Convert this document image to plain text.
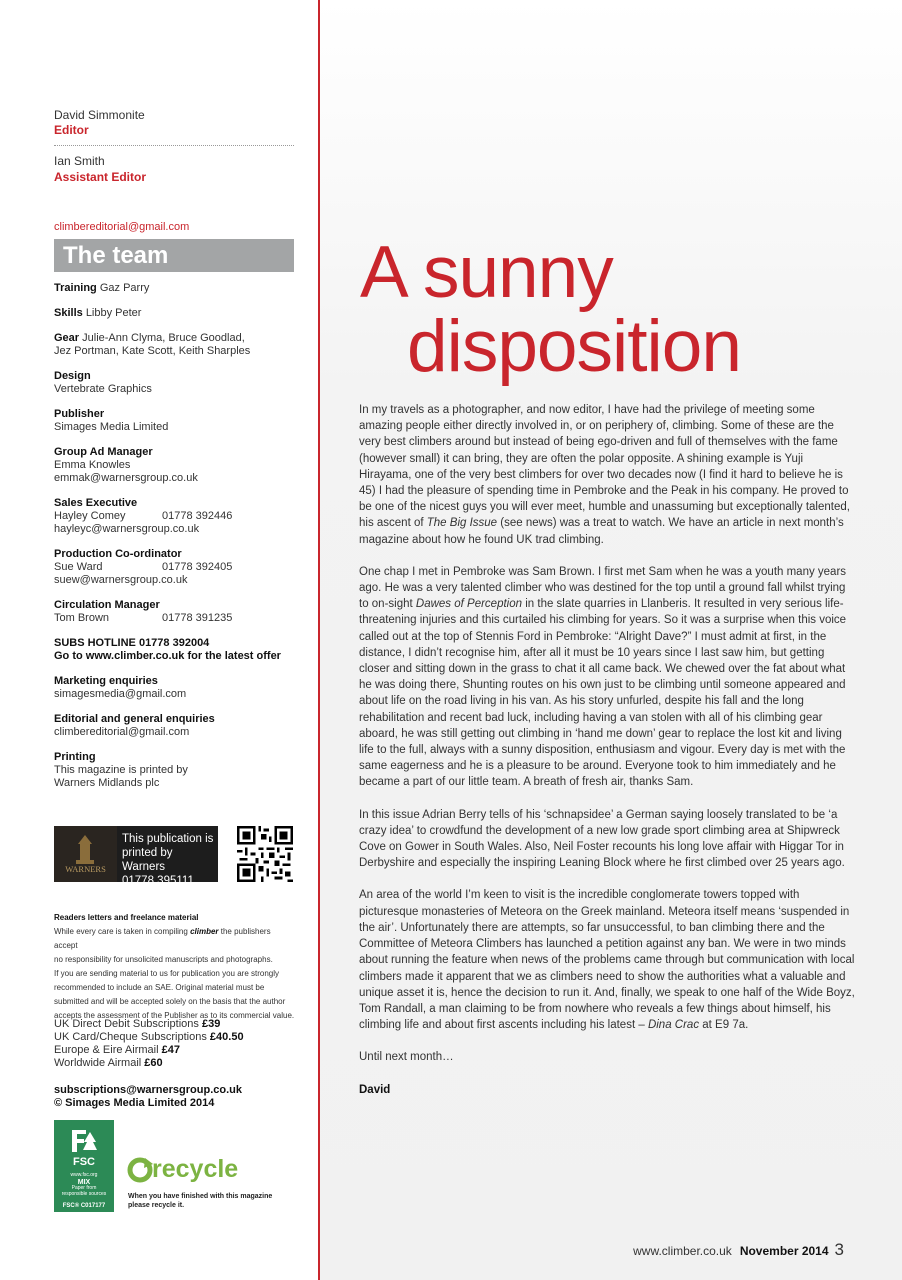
David Simmonite
Editor
Ian Smith
Assistant Editor
climbereditorial@gmail.com
The team
Training Gaz Parry
Skills Libby Peter
Gear Julie-Ann Clyma, Bruce Goodlad,
Jez Portman, Kate Scott, Keith Sharples
Design
Vertebrate Graphics
Publisher
Simages Media Limited
Group Ad Manager
Emma Knowles
emmak@warnersgroup.co.uk
Sales Executive
Hayley Comey	01778 392446
hayleyc@warnersgroup.co.uk
Production Co-ordinator
Sue Ward	01778 392405
suew@warnersgroup.co.uk
Circulation Manager
Tom Brown	01778 391235
SUBS HOTLINE 01778 392004
Go to www.climber.co.uk for the latest offer
Marketing enquiries
simagesmedia@gmail.com
Editorial and general enquiries
climbereditorial@gmail.com
Printing
This magazine is printed by
Warners Midlands plc
WARNERS
This publication is
printed by Warners
01778 395111
Readers letters and freelance material
While every care is taken in compiling climber the publishers accept
no responsibility for unsolicited manuscripts and photographs.
If you are sending material to us for publication you are strongly
recommended to include an SAE. Original material must be
submitted and will be accepted solely on the basis that the author
accepts the assessment of the Publisher as to its commercial value.
UK Direct Debit Subscriptions £39
UK Card/Cheque Subscriptions £40.50
Europe & Eire Airmail £47
Worldwide Airmail £60
subscriptions@warnersgroup.co.uk
© Simages Media Limited 2014
FSC
www.fsc.org
MIX
Paper from
responsible sources
FSC® C017177
recycle
When you have finished with this magazine
please recycle it.
A sunny
disposition

In my travels as a photographer, and now editor, I have had the privilege of meeting some amazing people either directly involved in, or on periphery of, climbing. Some of these are the very best climbers around but instead of being ego-driven and full of themselves with the fame (however small) it can bring, they are often the polar opposite. A shining example is Yuji Hirayama, one of the very best climbers for over two decades now (I find it hard to believe he is 45) I had the pleasure of spending time in Pembroke and the Peak in his company. He proved to be one of the nicest guys you will ever meet, humble and unassuming but exceptionally talented, his ascent of The Big Issue (see news) was a treat to watch. We have an article in next month’s magazine about how he found UK trad climbing.

One chap I met in Pembroke was Sam Brown. I first met Sam when he was a youth many years ago. He was a very talented climber who was destined for the top until a ground fall whilst trying to on-sight Dawes of Perception in the slate quarries in Llanberis. It resulted in very serious life-threatening injuries and this curtailed his climbing for years. So it was a surprise when this voice called out at the top of Stennis Ford in Pembroke: “Alright Dave?” I must admit at first, in the distance, I didn’t recognise him, after all it must be 10 years since I last saw him, but getting closer and sitting down in the grass to chat it all came back. We chewed over the fat about what he was doing there, Shunting routes on his own just to be climbing until someone appeared and about life on the road living in his van. As his story unfurled, despite his fall and the long rehabilitation and recent bad luck, including having a van stolen with all of his climbing gear aboard, he was still getting out climbing in ‘hand me down’ gear to replace the lost kit and living life to the full, always with a sunny disposition, enthusiasm and vigour. Every day is met with the same eagerness and he is a pleasure to be around. Everyone took to him immediately and he became a part of our little team. A breath of fresh air, thanks Sam.

In this issue Adrian Berry tells of his ‘schnapsidee’ a German saying loosely translated to be ‘a crazy idea’ to crowdfund the development of a new low grade sport climbing area at Shipwreck Cove on Gower in South Wales. Also, Neil Foster recounts his long love affair with Higgar Tor in Derbyshire and especially the inspiring Leaning Block where he first climbed over 25 years ago.

An area of the world I’m keen to visit is the incredible conglomerate towers topped with picturesque monasteries of Meteora on the Greek mainland. Meteora itself means ‘suspended in the air’. Unfortunately there are attempts, so far unsuccessful, to ban climbing there and the Committee of Meteora Climbers has launched a petition against any ban. We were in two minds about running the feature when news of the problems came through but communication with local climbers made it apparent that we as climbers need to show the authorities what a valuable and unique asset it is, hence the decision to run it. And, finally, we speak to one half of the Wide Boyz, Tom Randall, a man claiming to be from nowhere who reveals a few things about himself, his climbing life and about first ascents including his latest – Dina Crac at E9 7a.

Until next month…

David

www.climber.co.uk November 2014 3
